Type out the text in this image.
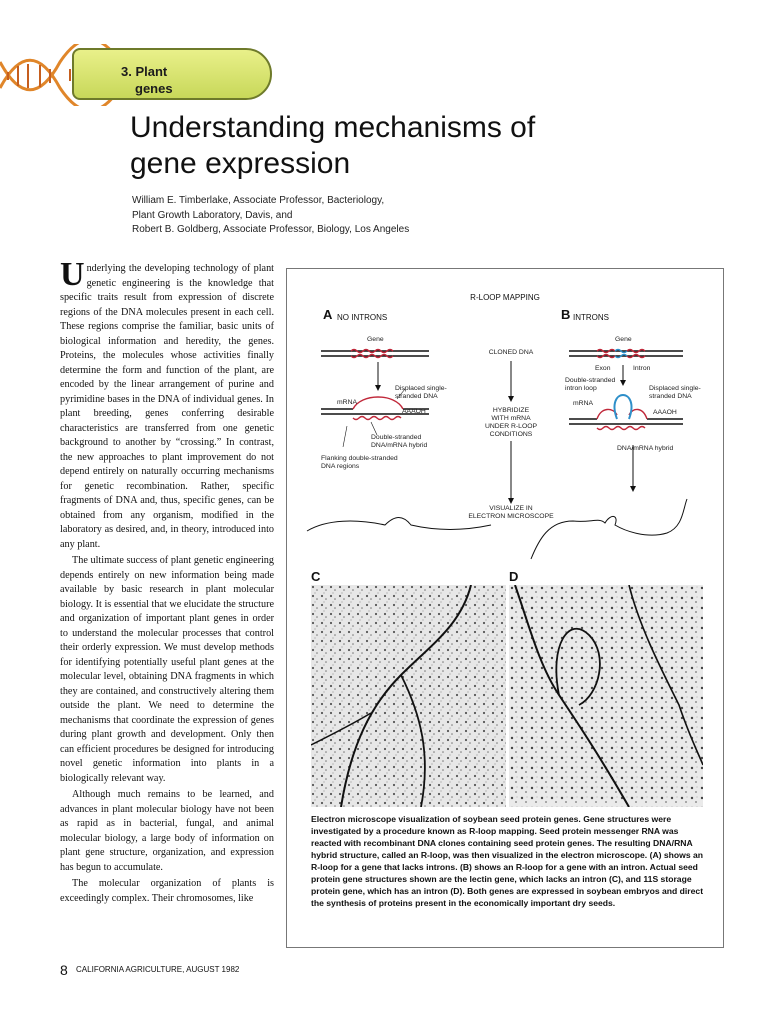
3. Plant
genes
Understanding mechanisms of
gene expression
William E. Timberlake, Associate Professor, Bacteriology,
Plant Growth Laboratory, Davis, and
Robert B. Goldberg, Associate Professor, Biology, Los Angeles

Underlying the developing technology of plant genetic engineering is the knowledge that specific traits result from expression of discrete regions of the DNA molecules present in each cell. These regions comprise the familiar, basic units of biological information and heredity, the genes. Proteins, the molecules whose activities finally determine the form and function of the plant, are encoded by the linear arrangement of purine and pyrimidine bases in the DNA of individual genes. In plant breeding, genes conferring desirable characteristics are transferred from one genetic background to another by “crossing.” In contrast, the new approaches to plant improvement do not depend entirely on naturally occurring mechanisms for genetic recombination. Rather, specific fragments of DNA and, thus, specific genes, can be obtained from any organism, modified in the laboratory as desired, and, in theory, introduced into any plant.

The ultimate success of plant genetic engineering depends entirely on new information being made available by basic research in plant molecular biology. It is essential that we elucidate the structure and organization of important plant genes in order to understand the molecular processes that control their orderly expression. We must develop methods for identifying potentially useful plant genes at the molecular level, obtaining DNA fragments in which they are contained, and constructively altering them outside the plant. We need to determine the mechanisms that coordinate the expression of genes during plant growth and development. Only then can efficient procedures be designed for introducing novel genetic information into plants in a biologically relevant way.

Although much remains to be learned, and advances in plant molecular biology have not been as rapid as in bacterial, fungal, and animal molecular biology, a large body of information on plant gene structure, organization, and expression has begun to accumulate.

The molecular organization of plants is exceedingly complex. Their chromosomes, like

R-LOOP MAPPING
A NO INTRONS	B INTRONS
Gene
Displaced single-
stranded DNA
mRNA
AAAOH
Double-stranded
DNA/mRNA hybrid
Flanking double-stranded
DNA regions
CLONED DNA
HYBRIDIZE
WITH mRNA
UNDER R-LOOP
CONDITIONS
VISUALIZE IN
ELECTRON MICROSCOPE
Gene
Exon	Intron
Double-stranded
intron loop	Displaced single-
stranded DNA
mRNA
AAAOH
DNA/mRNA hybrid
C	D
Electron microscope visualization of soybean seed protein genes. Gene structures were investigated by a procedure known as R-loop mapping. Seed protein messenger RNA was reacted with recombinant DNA clones containing seed protein genes. The resulting DNA/RNA hybrid structure, called an R-loop, was then visualized in the electron microscope. (A) shows an R-loop for a gene that lacks introns. (B) shows an R-loop for a gene with an intron. Actual seed protein gene structures shown are the lectin gene, which lacks an intron (C), and 11S storage protein gene, which has an intron (D). Both genes are expressed in soybean embryos and direct the synthesis of proteins present in the economically important dry seeds.
8 CALIFORNIA AGRICULTURE, AUGUST 1982
